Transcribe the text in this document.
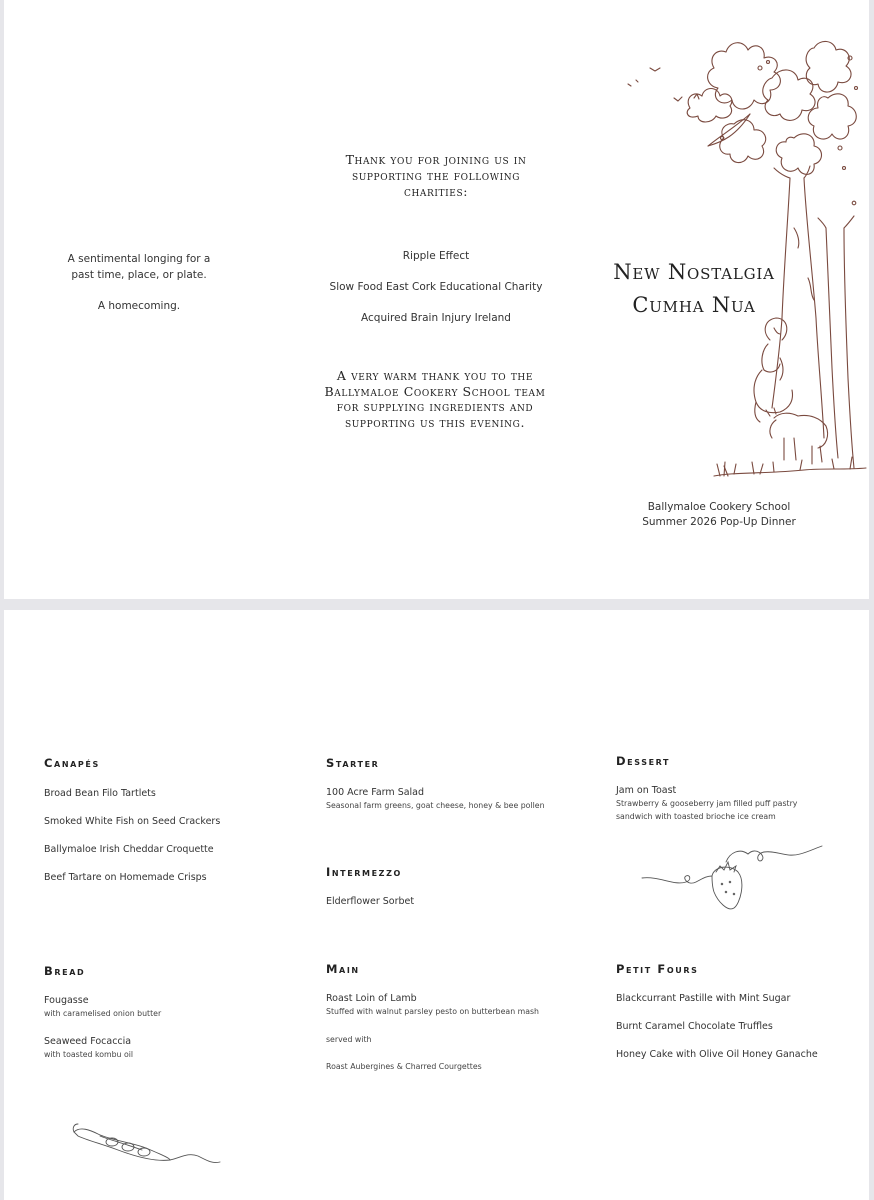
A sentimental longing for a

past time, place, or plate.

A homecoming.

Thank you for joining us in
supporting the following
charities:
Ripple Effect
Slow Food East Cork Educational Charity
Acquired Brain Injury Ireland
A very warm thank you to the
Ballymaloe Cookery School team
for supplying ingredients and
supporting us this evening.
New Nostalgia
Cumha Nua
Ballymaloe Cookery School
Summer 2026 Pop-Up Dinner
Canapés
Broad Bean Filo Tartlets
Smoked White Fish on Seed Crackers
Ballymaloe Irish Cheddar Croquette
Beef Tartare on Homemade Crisps
Starter
100 Acre Farm Salad
Seasonal farm greens, goat cheese, honey & bee pollen
Intermezzo
Elderflower Sorbet
Dessert
Jam on Toast
Strawberry & gooseberry jam filled puff pastry
sandwich with toasted brioche ice cream
Bread
Fougasse
with caramelised onion butter
Seaweed Focaccia
with toasted kombu oil
Main
Roast Loin of Lamb
Stuffed with walnut parsley pesto on butterbean mash
served with
Roast Aubergines & Charred Courgettes
Petit Fours
Blackcurrant Pastille with Mint Sugar
Burnt Caramel Chocolate Truffles
Honey Cake with Olive Oil Honey Ganache
